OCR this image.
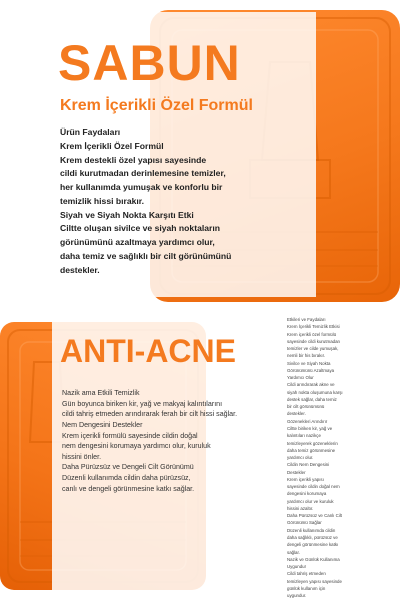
SABUN
Krem İçerikli Özel Formül

Ürün Faydaları

Krem İçerikli Özel Formül

Krem destekli özel yapısı sayesinde

cildi kurutmadan derinlemesine temizler,

her kullanımda yumuşak ve konforlu bir

temizlik hissi bırakır.

Siyah ve Siyah Nokta Karşıtı Etki

Ciltte oluşan sivilce ve siyah noktaların

görünümünü azaltmaya yardımcı olur,

daha temiz ve sağlıklı bir cilt görünümünü

destekler.

ANTI-ACNE

Nazik ama Etkili Temizlik

Gün boyunca biriken kir, yağ ve makyaj kalıntılarını

cildi tahriş etmeden arındırarak ferah bir cilt hissi sağlar.

Nem Dengesini Destekler

Krem içerikli formülü sayesinde cildin doğal

nem dengesini korumaya yardımcı olur, kuruluk

hissini önler.

Daha Pürüzsüz ve Dengeli Cilt Görünümü

Düzenli kullanımda cildin daha pürüzsüz,

canlı ve dengeli görünmesine katkı sağlar.

Etkileri ve Faydaları

Krem İçerikli Temizlik Etkisi

Krem içerikli özel formülü

sayesinde cildi kurutmadan

temizler ve cilde yumuşak,

nemli bir his bırakır.

Sivilce ve Siyah Nokta

Görünümünü Azaltmaya

Yardımcı Olur

Cildi arındırarak akne ve

siyah nokta oluşumuna karşı

destek sağlar, daha temiz

bir cilt görünümünü

destekler.

Gözenekleri Arındırır

Ciltte biriken kir, yağ ve

kalıntıları nazikçe

temizleyerek gözeneklerin

daha temiz görünmesine

yardımcı olur.

Cildin Nem Dengesini

Destekler

Krem içerikli yapısı

sayesinde cildin doğal nem

dengesini korumaya

yardımcı olur ve kuruluk

hissini azaltır.

Daha Pürüzsüz ve Canlı Cilt

Görünümü Sağlar

Düzenli kullanımda cildin

daha sağlıklı, pürüzsüz ve

dengeli görünmesine katkı

sağlar.

Nazik ve Günlük Kullanıma

Uygundur

Cildi tahriş etmeden

temizleyen yapısı sayesinde

günlük kullanım için

uygundur.
